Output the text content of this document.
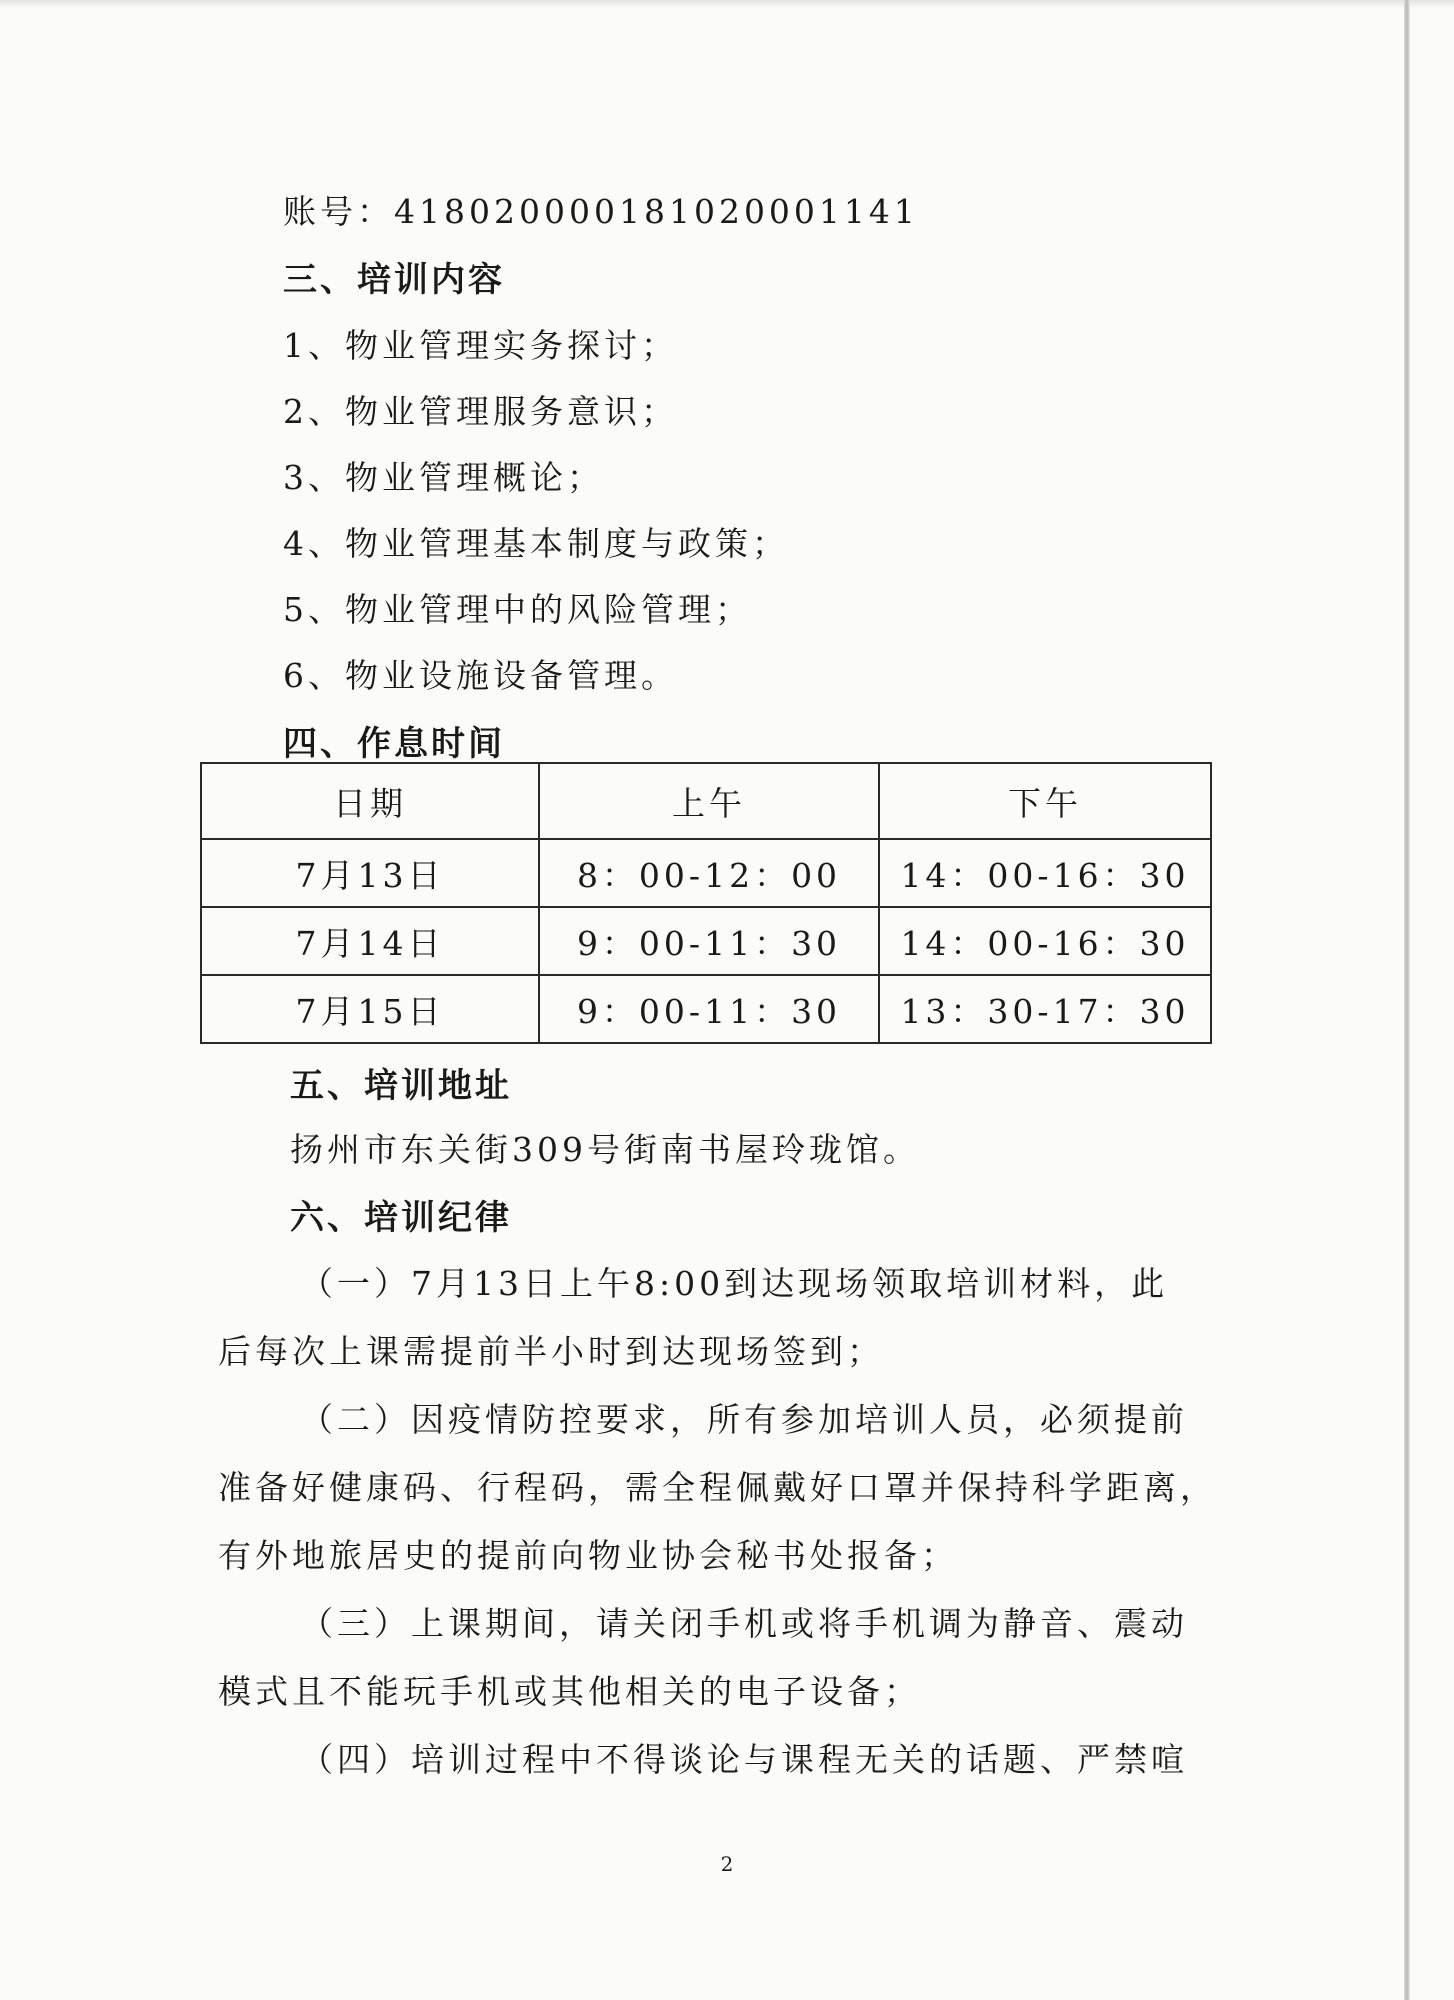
账号：418020000181020001141
三、培训内容
1、物业管理实务探讨；
2、物业管理服务意识；
3、物业管理概论；
4、物业管理基本制度与政策；
5、物业管理中的风险管理；
6、物业设施设备管理。
四、作息时间
日期	上午	下午
7月13日	8：00-12：00	14：00-16：30
7月14日	9：00-11：30	14：00-16：30
7月15日	9：00-11：30	13：30-17：30
五、培训地址
扬州市东关街309号街南书屋玲珑馆。
六、培训纪律
（一）7月13日上午8:00到达现场领取培训材料，此
后每次上课需提前半小时到达现场签到；
（二）因疫情防控要求，所有参加培训人员，必须提前
准备好健康码、行程码，需全程佩戴好口罩并保持科学距离，
有外地旅居史的提前向物业协会秘书处报备；
（三）上课期间，请关闭手机或将手机调为静音、震动
模式且不能玩手机或其他相关的电子设备；
（四）培训过程中不得谈论与课程无关的话题、严禁喧
2
